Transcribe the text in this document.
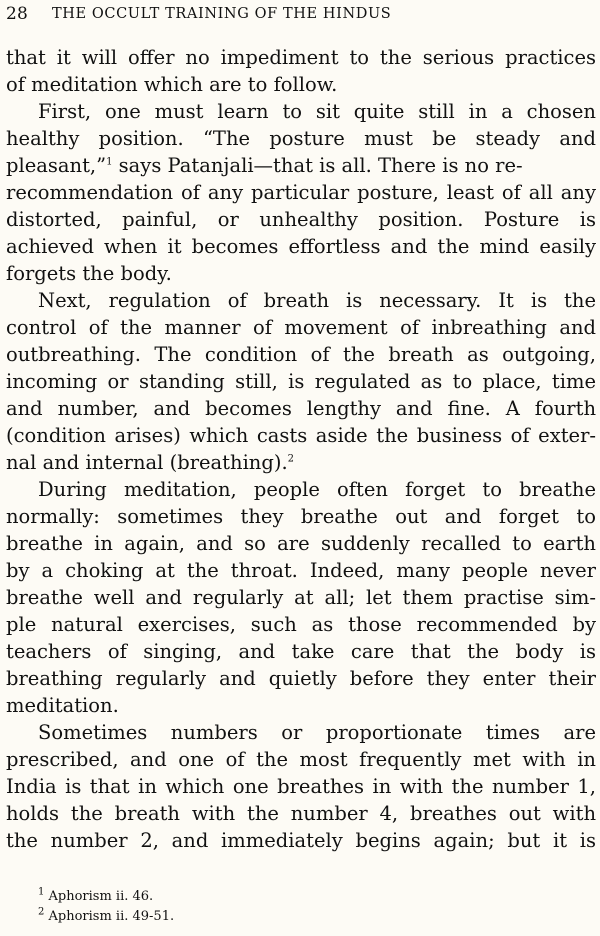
28 THE OCCULT TRAINING OF THE HINDUS
that it will offer no impediment to the serious practices
of meditation which are to follow.
First, one must learn to sit quite still in a chosen
healthy position. “The posture must be steady and
pleasant,”$^1$ says Patanjali—that is all. There is no re-
recommendation of any particular posture, least of all any
distorted, painful, or unhealthy position. Posture is
achieved when it becomes effortless and the mind easily
forgets the body.
Next, regulation of breath is necessary. It is the
control of the manner of movement of inbreathing and
outbreathing. The condition of the breath as outgoing,
incoming or standing still, is regulated as to place, time
and number, and becomes lengthy and fine. A fourth
(condition arises) which casts aside the business of exter-
nal and internal (breathing).$^2$
During meditation, people often forget to breathe
normally: sometimes they breathe out and forget to
breathe in again, and so are suddenly recalled to earth
by a choking at the throat. Indeed, many people never
breathe well and regularly at all; let them practise sim-
ple natural exercises, such as those recommended by
teachers of singing, and take care that the body is
breathing regularly and quietly before they enter their
meditation.
Sometimes numbers or proportionate times are
prescribed, and one of the most frequently met with in
India is that in which one breathes in with the number 1,
holds the breath with the number 4, breathes out with
the number 2, and immediately begins again; but it is
$^1$ Aphorism ii. 46.
$^2$ Aphorism ii. 49-51.
